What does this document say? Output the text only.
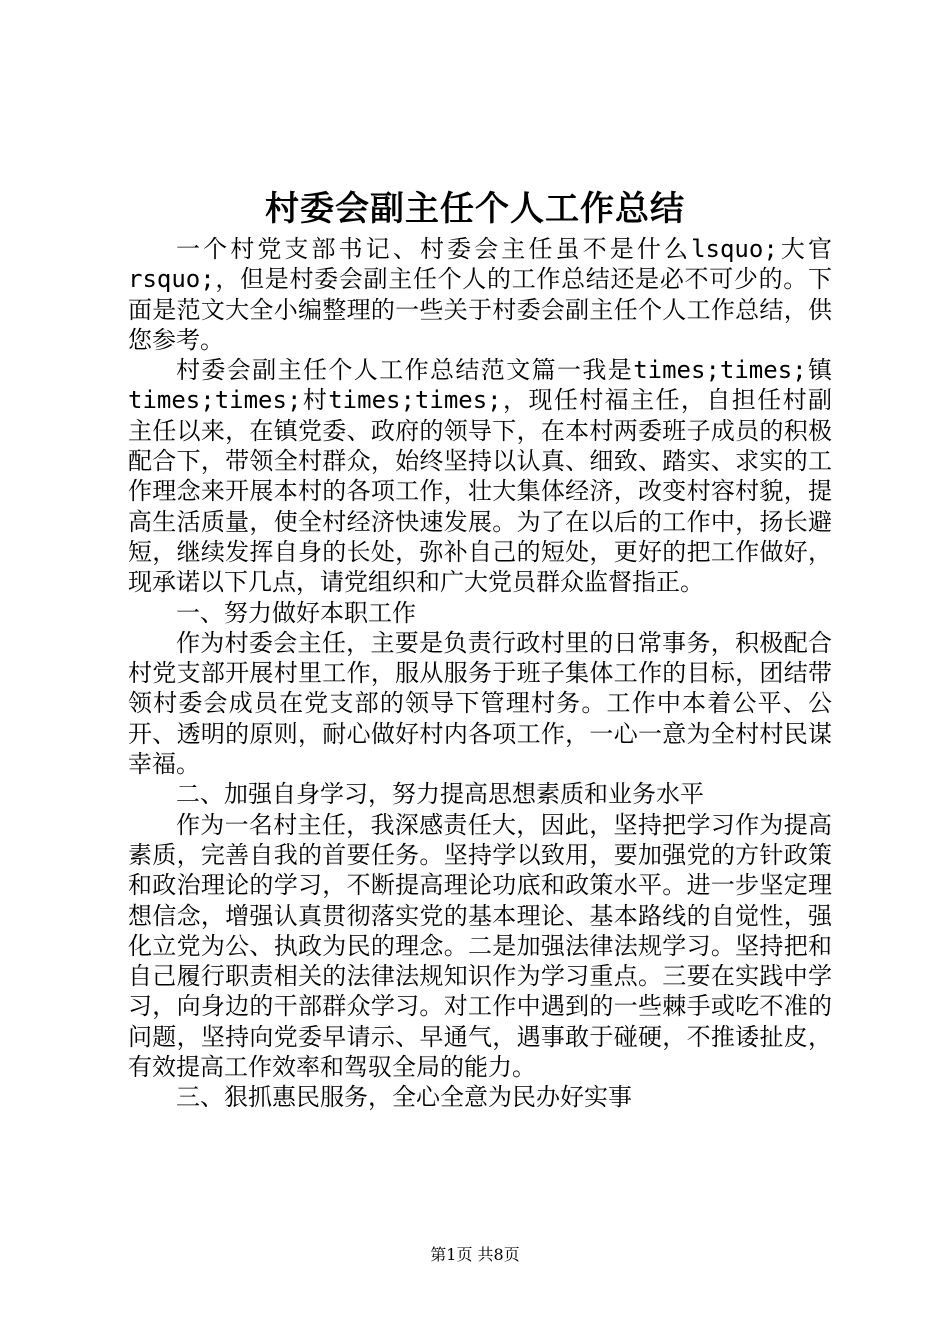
村委会副主任个人工作总结

一个村党支部书记、村委会主任虽不是什么lsquo;大官rsquo;，但是村委会副主任个人的工作总结还是必不可少的。下面是范文大全小编整理的一些关于村委会副主任个人工作总结，供您参考。

村委会副主任个人工作总结范文篇一我是times;times;镇times;times;村times;times;，现任村福主任，自担任村副主任以来，在镇党委、政府的领导下，在本村两委班子成员的积极配合下，带领全村群众，始终坚持以认真、细致、踏实、求实的工作理念来开展本村的各项工作，壮大集体经济，改变村容村貌，提高生活质量，使全村经济快速发展。为了在以后的工作中，扬长避短，继续发挥自身的长处，弥补自己的短处，更好的把工作做好，现承诺以下几点，请党组织和广大党员群众监督指正。

一、努力做好本职工作

作为村委会主任，主要是负责行政村里的日常事务，积极配合村党支部开展村里工作，服从服务于班子集体工作的目标，团结带领村委会成员在党支部的领导下管理村务。工作中本着公平、公开、透明的原则，耐心做好村内各项工作，一心一意为全村村民谋幸福。

二、加强自身学习，努力提高思想素质和业务水平

作为一名村主任，我深感责任大，因此，坚持把学习作为提高素质，完善自我的首要任务。坚持学以致用，要加强党的方针政策和政治理论的学习，不断提高理论功底和政策水平。进一步坚定理想信念，增强认真贯彻落实党的基本理论、基本路线的自觉性，强化立党为公、执政为民的理念。二是加强法律法规学习。坚持把和自己履行职责相关的法律法规知识作为学习重点。三要在实践中学习，向身边的干部群众学习。对工作中遇到的一些棘手或吃不准的问题，坚持向党委早请示、早通气，遇事敢于碰硬，不推诿扯皮，有效提高工作效率和驾驭全局的能力。

三、狠抓惠民服务，全心全意为民办好实事

第1页 共8页
